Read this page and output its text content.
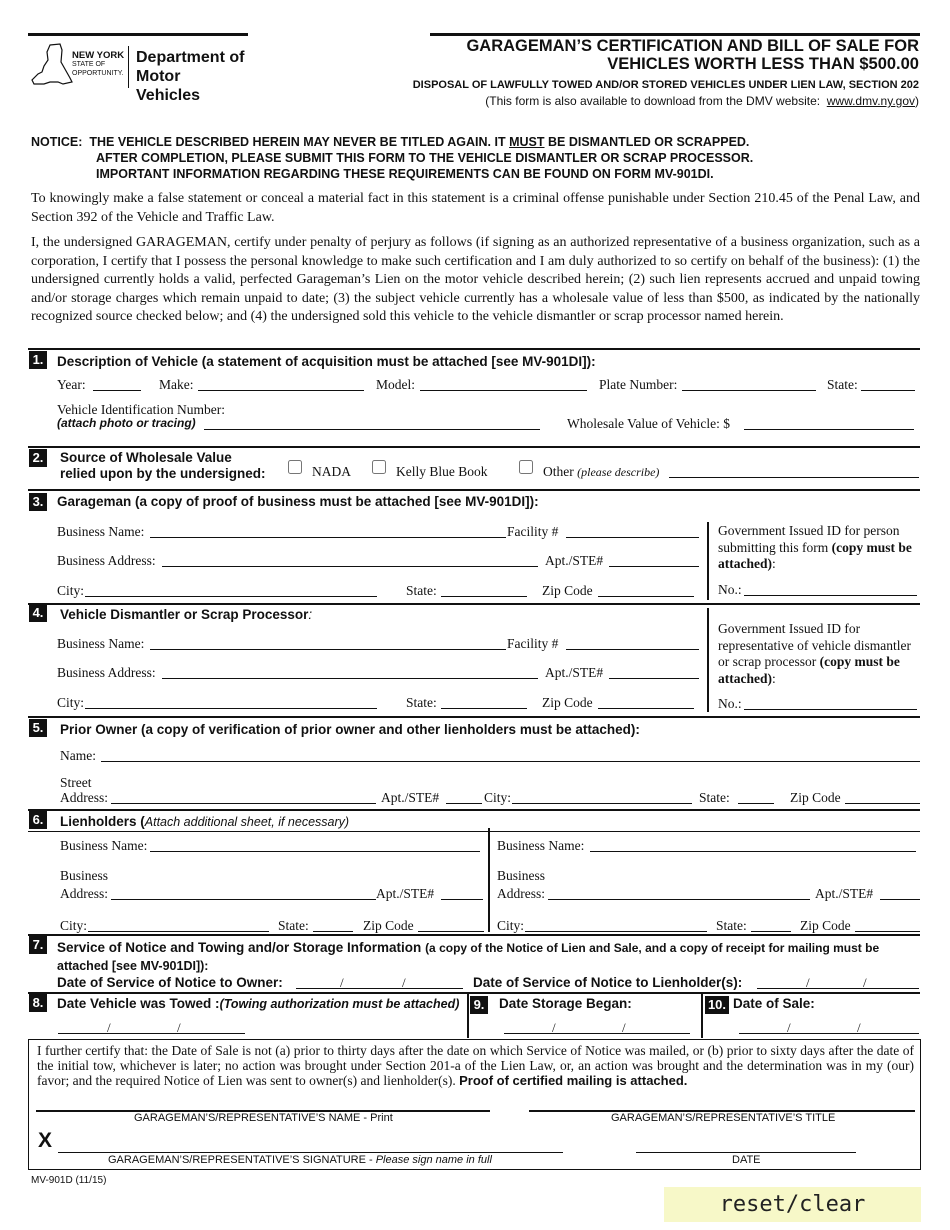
NEW YORK
STATE OF
OPPORTUNITY.
Department of
Motor Vehicles
GARAGEMAN’S CERTIFICATION AND BILL OF SALE FOR
VEHICLES WORTH LESS THAN $500.00
DISPOSAL OF LAWFULLY TOWED AND/OR STORED VEHICLES UNDER LIEN LAW, SECTION 202
(This form is also available to download from the DMV website: www.dmv.ny.gov)
NOTICE: THE VEHICLE DESCRIBED HEREIN MAY NEVER BE TITLED AGAIN. IT MUST BE DISMANTLED OR SCRAPPED.
AFTER COMPLETION, PLEASE SUBMIT THIS FORM TO THE VEHICLE DISMANTLER OR SCRAP PROCESSOR.
IMPORTANT INFORMATION REGARDING THESE REQUIREMENTS CAN BE FOUND ON FORM MV-901DI.
To knowingly make a false statement or conceal a material fact in this statement is a criminal offense punishable under Section 210.45 of the Penal Law, and Section 392 of the Vehicle and Traffic Law.
I, the undersigned GARAGEMAN, certify under penalty of perjury as follows (if signing as an authorized representative of a business organization, such as a corporation, I certify that I possess the personal knowledge to make such certification and I am duly authorized to so certify on behalf of the business): (1) the undersigned currently holds a valid, perfected Garageman’s Lien on the motor vehicle described herein; (2) such lien represents accrued and unpaid towing and/or storage charges which remain unpaid to date; (3) the subject vehicle currently has a wholesale value of less than $500, as indicated by the nationally recognized source checked below; and (4) the undersigned sold this vehicle to the vehicle dismantler or scrap processor named herein.
1. Description of Vehicle (a statement of acquisition must be attached [see MV-901DI]):
Year:	Make:	Model:	Plate Number:	State:
Vehicle Identification Number:
(attach photo or tracing)	Wholesale Value of Vehicle: $
2. Source of Wholesale Value
relied upon by the undersigned:	NADA	Kelly Blue Book	Other (please describe)
3. Garageman (a copy of proof of business must be attached [see MV-901DI]):
Business Name:	Facility #
Business Address:	Apt./STE#
City:	State:	Zip Code
Government Issued ID for person submitting this form (copy must be attached):
No.:
4. Vehicle Dismantler or Scrap Processor:
Business Name:	Facility #
Business Address:	Apt./STE#
City:	State:	Zip Code
Government Issued ID for representative of vehicle dismantler or scrap processor (copy must be attached):
No.:
5. Prior Owner (a copy of verification of prior owner and other lienholders must be attached):
Name:
Street
Address:	Apt./STE#	City:	State:	Zip Code
6. Lienholders (Attach additional sheet, if necessary)
Business Name:
Business
Address:	Apt./STE#
City:	State:	Zip Code
Business Name:
Business
Address:	Apt./STE#
City:	State:	Zip Code
7. Service of Notice and Towing and/or Storage Information (a copy of the Notice of Lien and Sale, and a copy of receipt for mailing must be attached [see MV-901DI]):
Date of Service of Notice to Owner:	/	/	Date of Service of Notice to Lienholder(s):	/	/
8. Date Vehicle was Towed :(Towing authorization must be attached)
/	/
9. Date Storage Began:
/	/
10. Date of Sale:
/	/
I further certify that: the Date of Sale is not (a) prior to thirty days after the date on which Service of Notice was mailed, or (b) prior to sixty days after the date of the initial tow, whichever is later; no action was brought under Section 201-a of the Lien Law, or, an action was brought and the determination was in my (our) favor; and the required Notice of Lien was sent to owner(s) and lienholder(s). Proof of certified mailing is attached.
GARAGEMAN’S/REPRESENTATIVE’S NAME - Print	GARAGEMAN’S/REPRESENTATIVE’S TITLE
X
GARAGEMAN’S/REPRESENTATIVE’S SIGNATURE - Please sign name in full	DATE
MV-901D (11/15)
reset/clear
